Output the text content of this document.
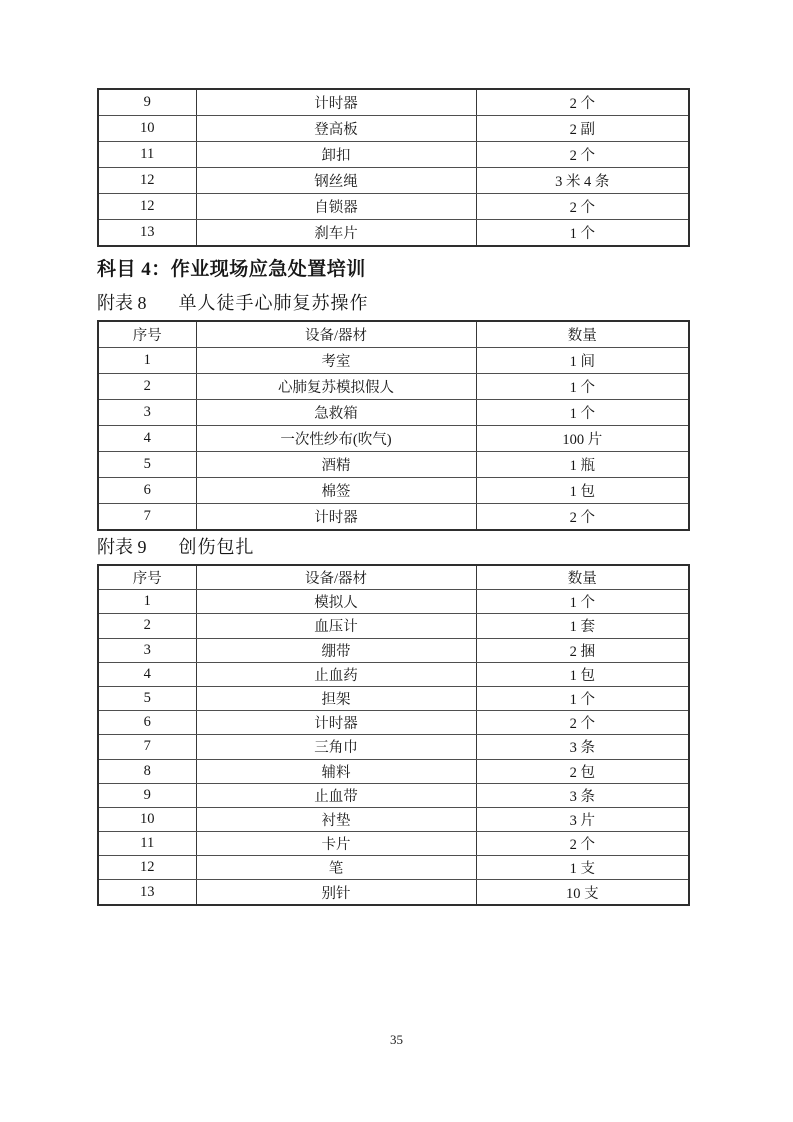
9	计时器	2 个
10	登高板	2 副
11	卸扣	2 个
12	钢丝绳	3 米 4 条
12	自锁器	2 个
13	刹车片	1 个
科目 4：作业现场应急处置培训
附表 8 单人徒手心肺复苏操作
序号	设备/器材	数量
1	考室	1 间
2	心肺复苏模拟假人	1 个
3	急救箱	1 个
4	一次性纱布(吹气)	100 片
5	酒精	1 瓶
6	棉签	1 包
7	计时器	2 个
附表 9 创伤包扎
序号	设备/器材	数量
1	模拟人	1 个
2	血压计	1 套
3	绷带	2 捆
4	止血药	1 包
5	担架	1 个
6	计时器	2 个
7	三角巾	3 条
8	辅料	2 包
9	止血带	3 条
10	衬垫	3 片
11	卡片	2 个
12	笔	1 支
13	别针	10 支
35
